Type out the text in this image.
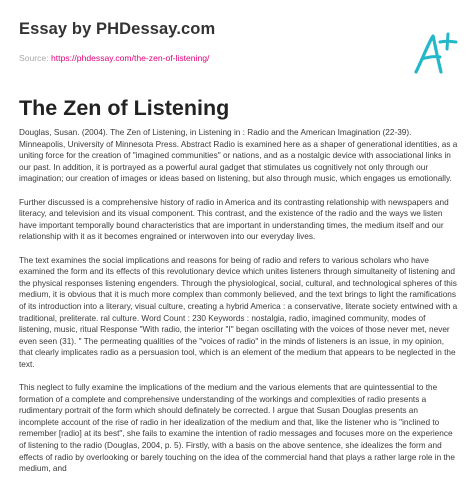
Essay by PHDessay.com
Source: https://phdessay.com/the-zen-of-listening/
The Zen of Listening

Douglas, Susan. (2004). The Zen of Listening, in Listening in : Radio and the American Imagination (22-39). Minneapolis, University of Minnesota Press. Abstract Radio is examined here as a shaper of generational identities, as a uniting force for the creation of "imagined communities" or nations, and as a nostalgic device with associational links in our past. In addition, it is portrayed as a powerful aural gadget that stimulates us cognitively not only through our imagination; our creation of images or ideas based on listening, but also through music, which engages us emotionally.

Further discussed is a comprehensive history of radio in America and its contrasting relationship with newspapers and literacy, and television and its visual component. This contrast, and the existence of the radio and the ways we listen have important temporally bound characteristics that are important in understanding times, the medium itself and our relationship with it as it becomes engrained or interwoven into our everyday lives.

The text examines the social implications and reasons for being of radio and refers to various scholars who have examined the form and its effects of this revolutionary device which unites listeners through simultaneity of listening and the physical responses listening engenders. Through the physiological, social, cultural, and technological spheres of this medium, it is obvious that it is much more complex than commonly believed, and the text brings to light the ramifications of its introduction into a literary, visual culture, creating a hybrid America : a conservative, literate society entwined with a traditional, preliterate. ral culture. Word Count : 230 Keywords : nostalgia, radio, imagined community, modes of listening, music, ritual Response "With radio, the interior "I" began oscillating with the voices of those never met, never even seen (31). " The permeating qualities of the "voices of radio" in the minds of listeners is an issue, in my opinion, that clearly implicates radio as a persuasion tool, which is an element of the medium that appears to be neglected in the text.

This neglect to fully examine the implications of the medium and the various elements that are quintessential to the formation of a complete and comprehensive understanding of the workings and complexities of radio presents a rudimentary portrait of the form which should definately be corrected. I argue that Susan Douglas presents an incomplete account of the rise of radio in her idealization of the medium and that, like the listener who is "inclined to remember [radio] at its best", she fails to examine the intention of radio messages and focuses more on the experience of listening to the radio (Douglas, 2004, p. 5). Firstly, with a basis on the above sentence, she idealizes the form and effects of radio by overlooking or barely touching on the idea of the commercial hand that plays a rather large role in the medium, and
